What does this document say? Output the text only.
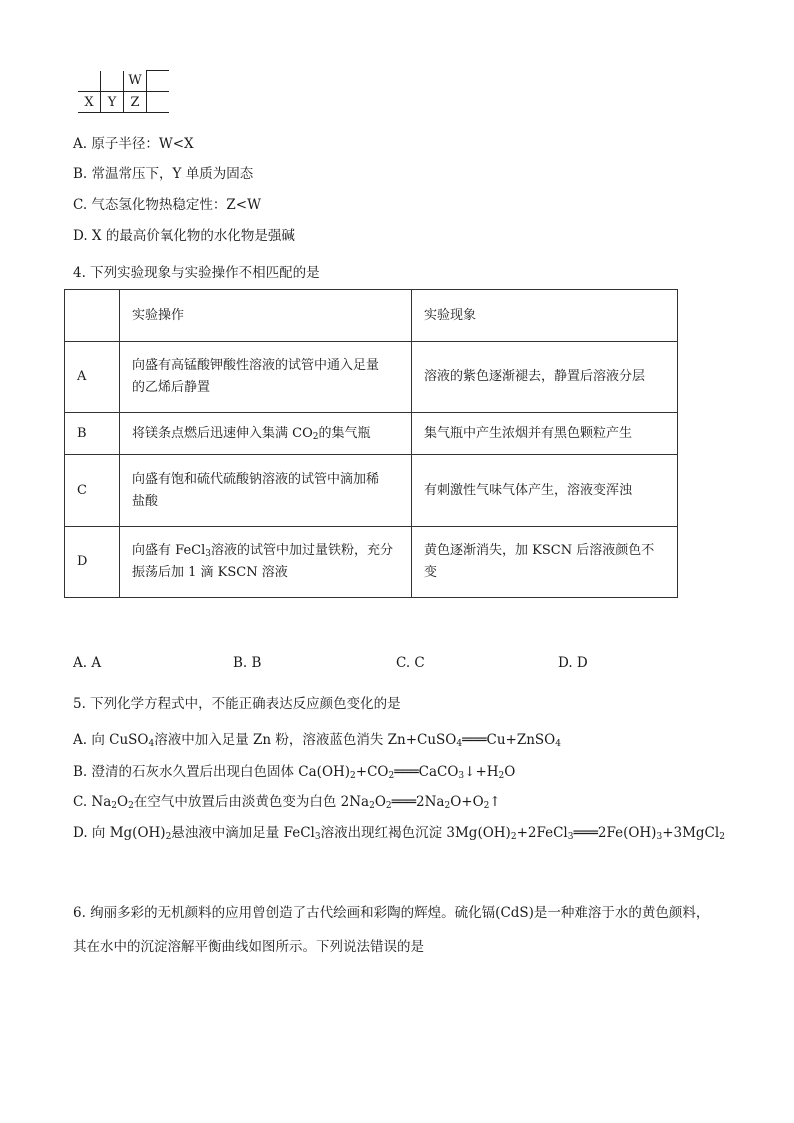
		W	
X	Y	Z	
A. 原子半径：W<X
B. 常温常压下，Y 单质为固态
C. 气态氢化物热稳定性：Z<W
D. X 的最高价氧化物的水化物是强碱
4. 下列实验现象与实验操作不相匹配的是
	实验操作	实验现象
A	向盛有高锰酸钾酸性溶液的试管中通入足量
的乙烯后静置	溶液的紫色逐渐褪去，静置后溶液分层
B	将镁条点燃后迅速伸入集满 $CO_2$的集气瓶	集气瓶中产生浓烟并有黑色颗粒产生
C	向盛有饱和硫代硫酸钠溶液的试管中滴加稀
盐酸	有刺激性气味气体产生，溶液变浑浊
D	向盛有 FeCl$_3$溶液的试管中加过量铁粉，充分
振荡后加 1 滴 KSCN 溶液	黄色逐渐消失，加 KSCN 后溶液颜色不变
A. A	B. B	C. C	D. D
5. 下列化学方程式中，不能正确表达反应颜色变化的是
A. 向 CuSO$_4$溶液中加入足量 Zn 粉，溶液蓝色消失 Zn+CuSO$_4$═══Cu+ZnSO$_4$
B. 澄清的石灰水久置后出现白色固体 $Ca(OH)_2+CO_2═══CaCO_3↓+H_2O$
C. $Na_2O_2$在空气中放置后由淡黄色变为白色 $2Na_2O_2═══2Na_2O+O_2↑$
D. 向 $Mg(OH)_2$悬浊液中滴加足量 FeCl$_3$溶液出现红褐色沉淀 $3Mg(OH)_2+2FeCl_3═══2Fe(OH)_3+3MgCl_2$
6. 绚丽多彩的无机颜料的应用曾创造了古代绘画和彩陶的辉煌。硫化镉(CdS)是一种难溶于水的黄色颜料，
其在水中的沉淀溶解平衡曲线如图所示。下列说法错误的是
